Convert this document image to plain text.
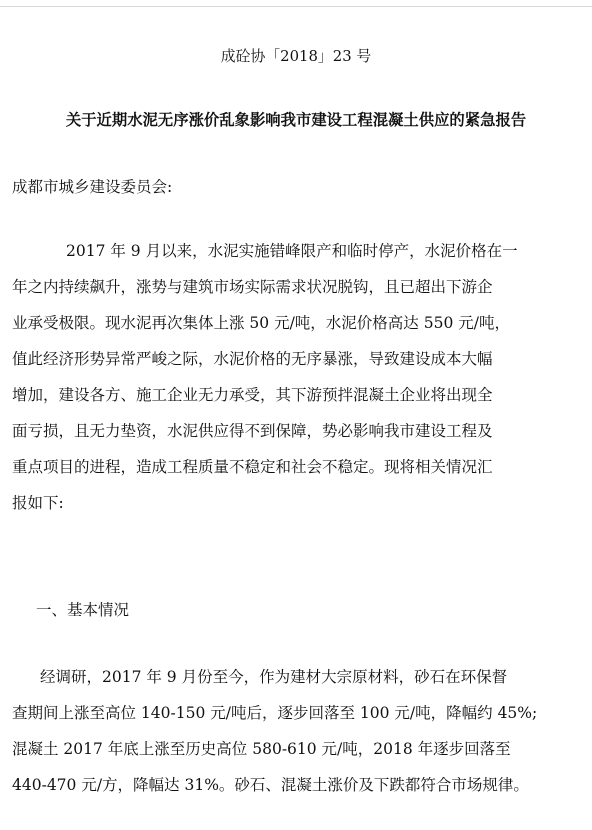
成砼协「2018」23 号
关于近期水泥无序涨价乱象影响我市建设工程混凝土供应的紧急报告
成都市城乡建设委员会:

2017 年 9 月以来，水泥实施错峰限产和临时停产，水泥价格在一

年之内持续飙升，涨势与建筑市场实际需求状况脱钩，且已超出下游企

业承受极限。现水泥再次集体上涨 50 元/吨，水泥价格高达 550 元/吨，

值此经济形势异常严峻之际，水泥价格的无序暴涨，导致建设成本大幅

增加，建设各方、施工企业无力承受，其下游预拌混凝土企业将出现全

面亏损，且无力垫资，水泥供应得不到保障，势必影响我市建设工程及

重点项目的进程，造成工程质量不稳定和社会不稳定。现将相关情况汇

报如下:

一、基本情况

经调研，2017 年 9 月份至今，作为建材大宗原材料，砂石在环保督

查期间上涨至高位 140-150 元/吨后，逐步回落至 100 元/吨，降幅约 45%;

混凝土 2017 年底上涨至历史高位 580-610 元/吨，2018 年逐步回落至

440-470 元/方，降幅达 31%。砂石、混凝土涨价及下跌都符合市场规律。
